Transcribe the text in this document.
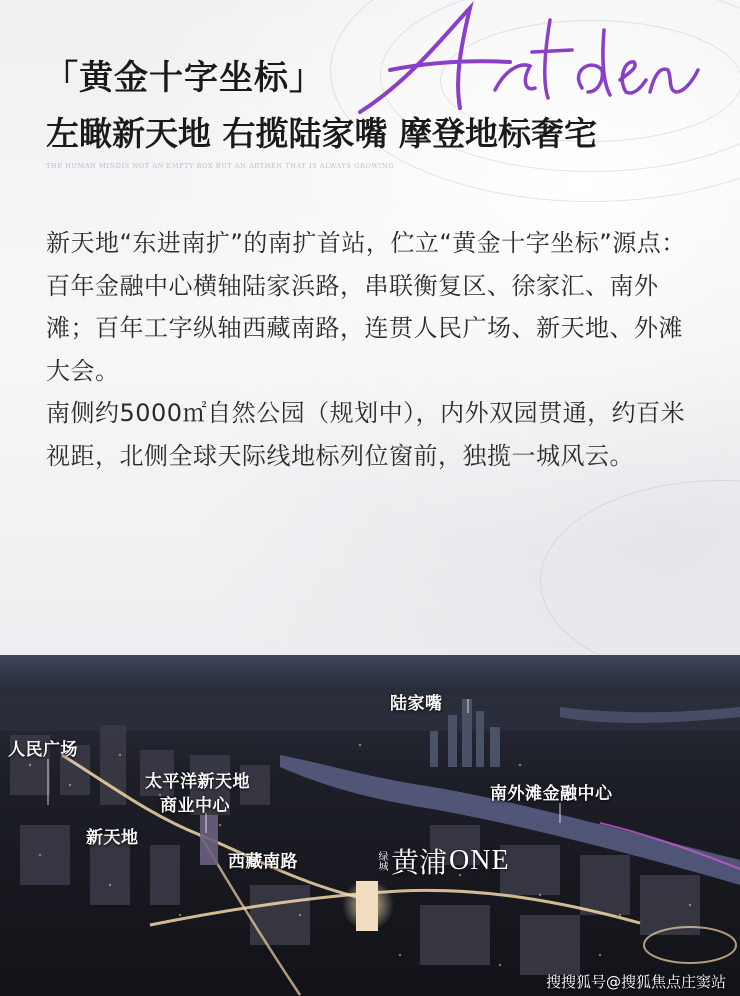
「黄金十字坐标」
左瞰新天地 右揽陆家嘴 摩登地标奢宅
THE HUMAN MINDIS NOT AN EMPTY BOX BUT AN ARTHEN THAT IS ALWAYS GROWING

新天地“东进南扩”的南扩首站，伫立“黄金十字坐标”源点：百年金融中心横轴陆家浜路，串联衡复区、徐家汇、南外滩；百年工字纵轴西藏南路，连贯人民广场、新天地、外滩大会。

南侧约5000㎡自然公园（规划中），内外双园贯通，约百米视距，北侧全球天际线地标列位窗前，独揽一城风云。

陆家嘴
人民广场
太平洋新天地
商业中心
新天地
南外滩金融中心
西藏南路	绿城 黄浦 ONE
搜搜狐号@搜狐焦点庄窦站
